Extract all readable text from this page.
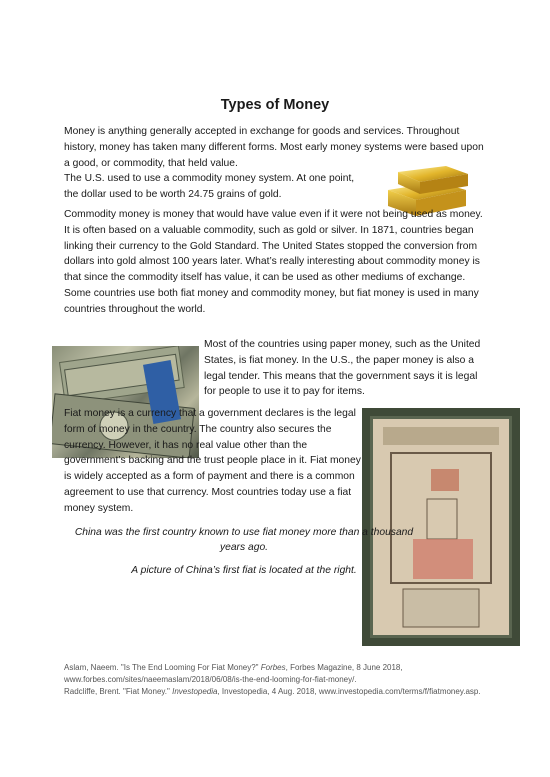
Types of Money

Money is anything generally accepted in exchange for goods and services. Throughout history, money has taken many different forms. Most early money systems were based upon a good, or commodity, that held value.

The U.S. used to use a commodity money system. At one point, the dollar used to be worth 24.75 grains of gold.

Commodity money is money that would have value even if it were not being used as money. It is often based on a valuable commodity, such as gold or silver. In 1871, countries began linking their currency to the Gold Standard. The United States stopped the conversion from dollars into gold almost 100 years later. What’s really interesting about commodity money is that since the commodity itself has value, it can be used as other mediums of exchange. Some countries use both fiat money and commodity money, but fiat money is used in many countries throughout the world.

Most of the countries using paper money, such as the United States, is fiat money. In the U.S., the paper money is also a legal tender. This means that the government says it is legal for people to use it to pay for items.

Fiat money is a currency that a government declares is the legal form of money in the country. The country also secures the currency. However, it has no real value other than the government’s backing and the trust people place in it. Fiat money is widely accepted as a form of payment and there is a common agreement to use that currency. Most countries today use a fiat money system.

China was the first country known to use fiat money more than a thousand years ago.

A picture of China’s first fiat is located at the right.

Aslam, Naeem. "Is The End Looming For Fiat Money?" Forbes, Forbes Magazine, 8 June 2018, www.forbes.com/sites/naeemaslam/2018/06/08/is-the-end-looming-for-fiat-money/.

Radcliffe, Brent. "Fiat Money." Investopedia, Investopedia, 4 Aug. 2018, www.investopedia.com/terms/f/fiatmoney.asp.
